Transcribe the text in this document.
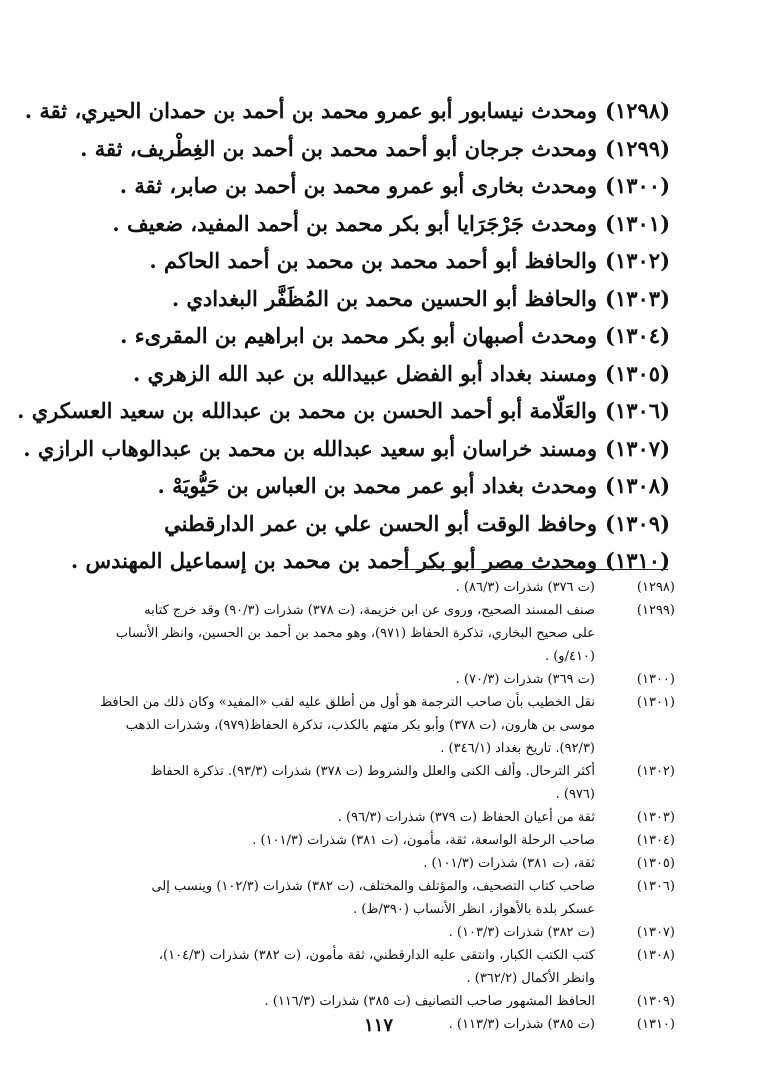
(١٢٩٨)ومحدث نيسابور أبو عمرو محمد بن أحمد بن حمدان الحيري، ثقة .
(١٢٩٩)ومحدث جرجان أبو أحمد محمد بن أحمد بن الغِطْريف، ثقة .
(١٣٠٠)ومحدث بخارى أبو عمرو محمد بن أحمد بن صابر، ثقة .
(١٣٠١)ومحدث جَرْجَرَايا أبو بكر محمد بن أحمد المفيد، ضعيف .
(١٣٠٢)والحافظ أبو أحمد محمد بن محمد بن أحمد الحاكم .
(١٣٠٣)والحافظ أبو الحسين محمد بن المُظَفَّر البغدادي .
(١٣٠٤)ومحدث أصبهان أبو بكر محمد بن ابراهيم بن المقرىء .
(١٣٠٥)ومسند بغداد أبو الفضل عبيدالله بن عبد الله الزهري .
(١٣٠٦)والعَلّامة أبو أحمد الحسن بن محمد بن عبدالله بن سعيد العسكري .
(١٣٠٧)ومسند خراسان أبو سعيد عبدالله بن محمد بن عبدالوهاب الرازي .
(١٣٠٨)ومحدث بغداد أبو عمر محمد بن العباس بن حَيُّويَهْ .
(١٣٠٩)وحافظ الوقت أبو الحسن علي بن عمر الدارقطني
(١٣١٠)ومحدث مصر أبو بكر أحمد بن محمد بن إسماعيل المهندس .
(١٢٩٨)
(ت ٣٧٦) شذرات (٨٦/٣) .
(١٢٩٩)
صنف المسند الصحيح، وروى عن ابن خزيمة، (ت ٣٧٨) شذرات (٩٠/٣) وقد خرج كتابه
على صحيح البخاري، تذكرة الحفاظ (٩٧١)، وهو محمد بن أحمد بن الحسين، وانظر الأنساب
(٤١٠/و) .
(١٣٠٠)
(ت ٣٦٩) شذرات (٧٠/٣) .
(١٣٠١)
نقل الخطيب بأن صاحب الترجمة هو أول من أطلق عليه لقب «المفيد» وكان ذلك من الحافظ
موسى بن هارون، (ت ٣٧٨) وأبو بكر متهم بالكذب، تذكرة الحفاظ(٩٧٩)، وشذرات الذهب
(٩٢/٣). تاريخ بغداد (٣٤٦/١) .
(١٣٠٢)
أكثر الترحال. وألف الكنى والعلل والشروط (ت ٣٧٨) شذرات (٩٣/٣). تذكرة الحفاظ
(٩٧٦) .
(١٣٠٣)
ثقة من أعيان الحفاظ (ت ٣٧٩) شذرات (٩٦/٣) .
(١٣٠٤)
صاحب الرحلة الواسعة، ثقة، مأمون، (ت ٣٨١) شذرات (١٠١/٣) .
(١٣٠٥)
ثقة، (ت ٣٨١) شذرات (١٠١/٣) .
(١٣٠٦)
صاحب كتاب التصحيف، والمؤتلف والمختلف، (ت ٣٨٢) شذرات (١٠٢/٣) وينسب إلى
عسكر بلدة بالأهواز، انظر الأنساب (٣٩٠/ظ) .
(١٣٠٧)
(ت ٣٨٢) شذرات (١٠٣/٣) .
(١٣٠٨)
كتب الكتب الكبار، وانتقى عليه الدارقطني، ثقة مأمون، (ت ٣٨٢) شذرات (١٠٤/٣)،
وانظر الأكمال (٣٦٢/٢) .
(١٣٠٩)
الحافظ المشهور صاحب التصانيف (ت ٣٨٥) شذرات (١١٦/٣) .
(١٣١٠)
(ت ٣٨٥) شذرات (١١٣/٣) .
١١٧
